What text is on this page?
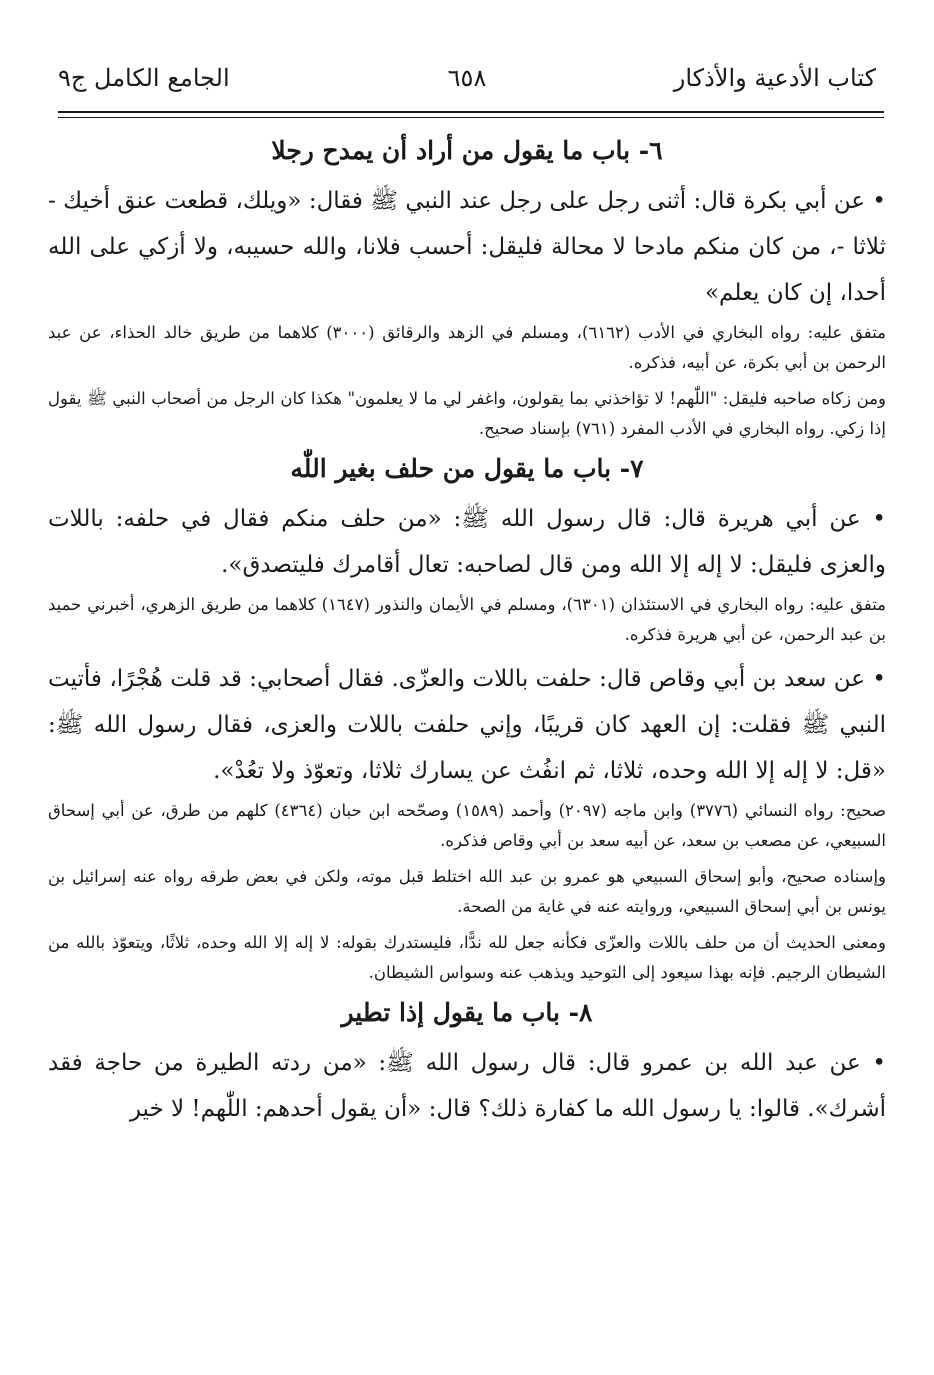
كتاب الأدعية والأذكار
٦٥٨
الجامع الكامل ج٩
٦- باب ما يقول من أراد أن يمدح رجلا

• عن أبي بكرة قال: أثنى رجل على رجل عند النبي ﷺ فقال: «ويلك، قطعت عنق أخيك - ثلاثا -، من كان منكم مادحا لا محالة فليقل: أحسب فلانا، والله حسيبه، ولا أزكي على الله أحدا، إن كان يعلم»

متفق عليه: رواه البخاري في الأدب (٦١٦٢)، ومسلم في الزهد والرقائق (٣٠٠٠) كلاهما من طريق خالد الحذاء، عن عبد الرحمن بن أبي بكرة، عن أبيه، فذكره.

ومن زكاه صاحبه فليقل: "اللّٰهم! لا تؤاخذني بما يقولون، واغفر لي ما لا يعلمون" هكذا كان الرجل من أصحاب النبي ﷺ يقول إذا زكي. رواه البخاري في الأدب المفرد (٧٦١) بإسناد صحيح.

٧- باب ما يقول من حلف بغير اللّٰه

• عن أبي هريرة قال: قال رسول الله ﷺ: «من حلف منكم فقال في حلفه: باللات والعزى فليقل: لا إله إلا الله ومن قال لصاحبه: تعال أقامرك فليتصدق».

متفق عليه: رواه البخاري في الاستئذان (٦٣٠١)، ومسلم في الأيمان والنذور (١٦٤٧) كلاهما من طريق الزهري، أخبرني حميد بن عبد الرحمن، عن أبي هريرة فذكره.

• عن سعد بن أبي وقاص قال: حلفت باللات والعزّى. فقال أصحابي: قد قلت هُجْرًا، فأتيت النبي ﷺ فقلت: إن العهد كان قريبًا، وإني حلفت باللات والعزى، فقال رسول الله ﷺ: «قل: لا إله إلا الله وحده، ثلاثا، ثم انفُث عن يسارك ثلاثا، وتعوّذ ولا تعُدْ».

صحيح: رواه النسائي (٣٧٧٦) وابن ماجه (٢٠٩٧) وأحمد (١٥٨٩) وصحّحه ابن حبان (٤٣٦٤) كلهم من طرق، عن أبي إسحاق السبيعي، عن مصعب بن سعد، عن أبيه سعد بن أبي وقاص فذكره.

وإسناده صحيح، وأبو إسحاق السبيعي هو عمرو بن عبد الله اختلط قبل موته، ولكن في بعض طرقه رواه عنه إسرائيل بن يونس بن أبي إسحاق السبيعي، وروايته عنه في غاية من الصحة.

ومعنى الحديث أن من حلف باللات والعزّى فكأنه جعل لله ندًّا، فليستدرك بقوله: لا إله إلا الله وحده، ثلاثًا، ويتعوّذ بالله من الشيطان الرجيم. فإنه بهذا سيعود إلى التوحيد ويذهب عنه وسواس الشيطان.

٨- باب ما يقول إذا تطير

• عن عبد الله بن عمرو قال: قال رسول الله ﷺ: «من ردته الطيرة من حاجة فقد أشرك». قالوا: يا رسول الله ما كفارة ذلك؟ قال: «أن يقول أحدهم: اللّٰهم! لا خير
